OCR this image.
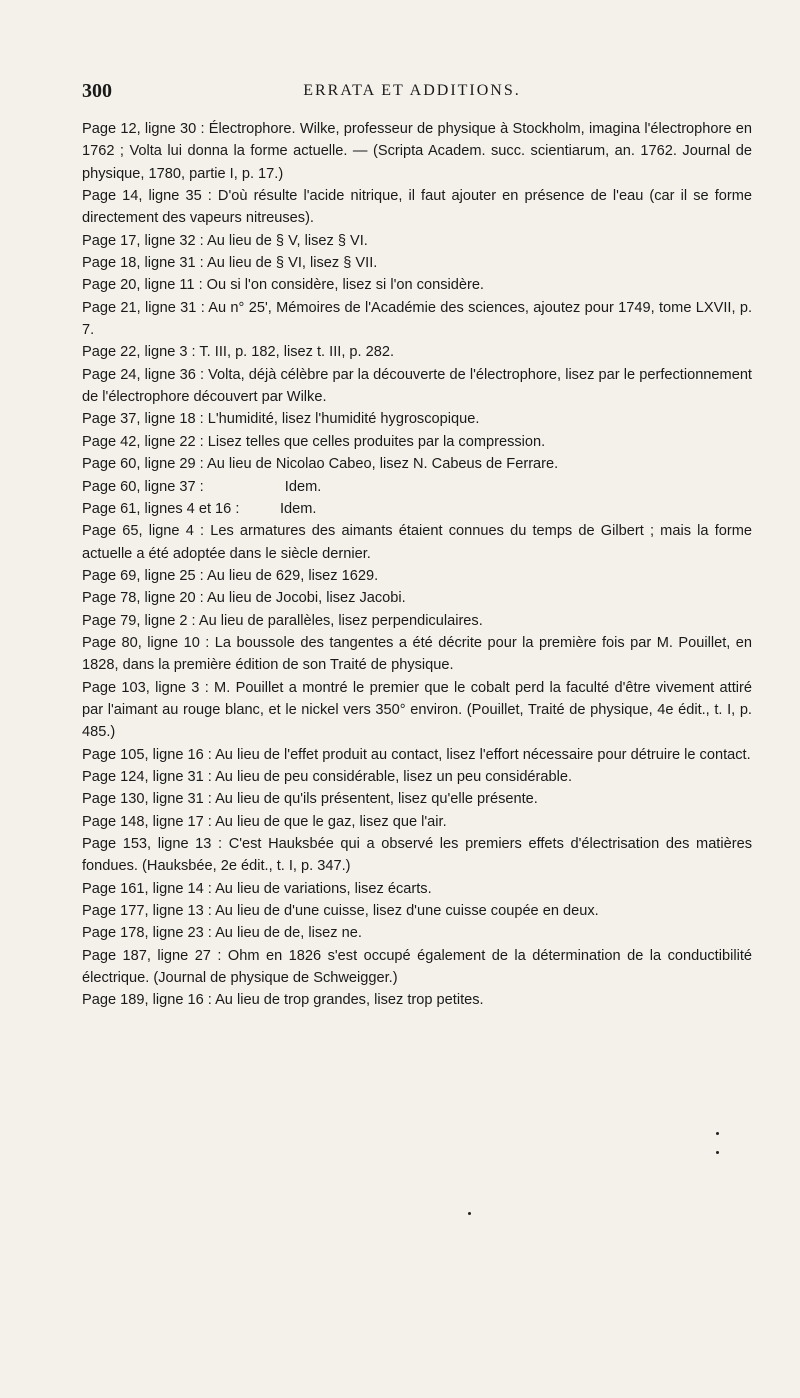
300	ERRATA ET ADDITIONS.

Page 12, ligne 30 : Électrophore. Wilke, professeur de physique à Stockholm, imagina l'électrophore en 1762 ; Volta lui donna la forme actuelle. — (Scripta Academ. succ. scientiarum, an. 1762. Journal de physique, 1780, partie I, p. 17.)

Page 14, ligne 35 : D'où résulte l'acide nitrique, il faut ajouter en présence de l'eau (car il se forme directement des vapeurs nitreuses).

Page 17, ligne 32 : Au lieu de § V, lisez § VI.

Page 18, ligne 31 : Au lieu de § VI, lisez § VII.

Page 20, ligne 11 : Ou si l'on considère, lisez si l'on considère.

Page 21, ligne 31 : Au n° 25', Mémoires de l'Académie des sciences, ajoutez pour 1749, tome LXVII, p. 7.

Page 22, ligne 3 : T. III, p. 182, lisez t. III, p. 282.

Page 24, ligne 36 : Volta, déjà célèbre par la découverte de l'électrophore, lisez par le perfectionnement de l'électrophore découvert par Wilke.

Page 37, ligne 18 : L'humidité, lisez l'humidité hygroscopique.

Page 42, ligne 22 : Lisez telles que celles produites par la compression.

Page 60, ligne 29 : Au lieu de Nicolao Cabeo, lisez N. Cabeus de Ferrare.

Page 60, ligne 37 :                    Idem.

Page 61, lignes 4 et 16 :          Idem.

Page 65, ligne 4 : Les armatures des aimants étaient connues du temps de Gilbert ; mais la forme actuelle a été adoptée dans le siècle dernier.

Page 69, ligne 25 : Au lieu de 629, lisez 1629.

Page 78, ligne 20 : Au lieu de Jocobi, lisez Jacobi.

Page 79, ligne 2 : Au lieu de parallèles, lisez perpendiculaires.

Page 80, ligne 10 : La boussole des tangentes a été décrite pour la première fois par M. Pouillet, en 1828, dans la première édition de son Traité de physique.

Page 103, ligne 3 : M. Pouillet a montré le premier que le cobalt perd la faculté d'être vivement attiré par l'aimant au rouge blanc, et le nickel vers 350° environ. (Pouillet, Traité de physique, 4e édit., t. I, p. 485.)

Page 105, ligne 16 : Au lieu de l'effet produit au contact, lisez l'effort nécessaire pour détruire le contact.

Page 124, ligne 31 : Au lieu de peu considérable, lisez un peu considérable.

Page 130, ligne 31 : Au lieu de qu'ils présentent, lisez qu'elle présente.

Page 148, ligne 17 : Au lieu de que le gaz, lisez que l'air.

Page 153, ligne 13 : C'est Hauksbée qui a observé les premiers effets d'électrisation des matières fondues. (Hauksbée, 2e édit., t. I, p. 347.)

Page 161, ligne 14 : Au lieu de variations, lisez écarts.

Page 177, ligne 13 : Au lieu de d'une cuisse, lisez d'une cuisse coupée en deux.

Page 178, ligne 23 : Au lieu de de, lisez ne.

Page 187, ligne 27 : Ohm en 1826 s'est occupé également de la détermination de la conductibilité électrique. (Journal de physique de Schweigger.)

Page 189, ligne 16 : Au lieu de trop grandes, lisez trop petites.
